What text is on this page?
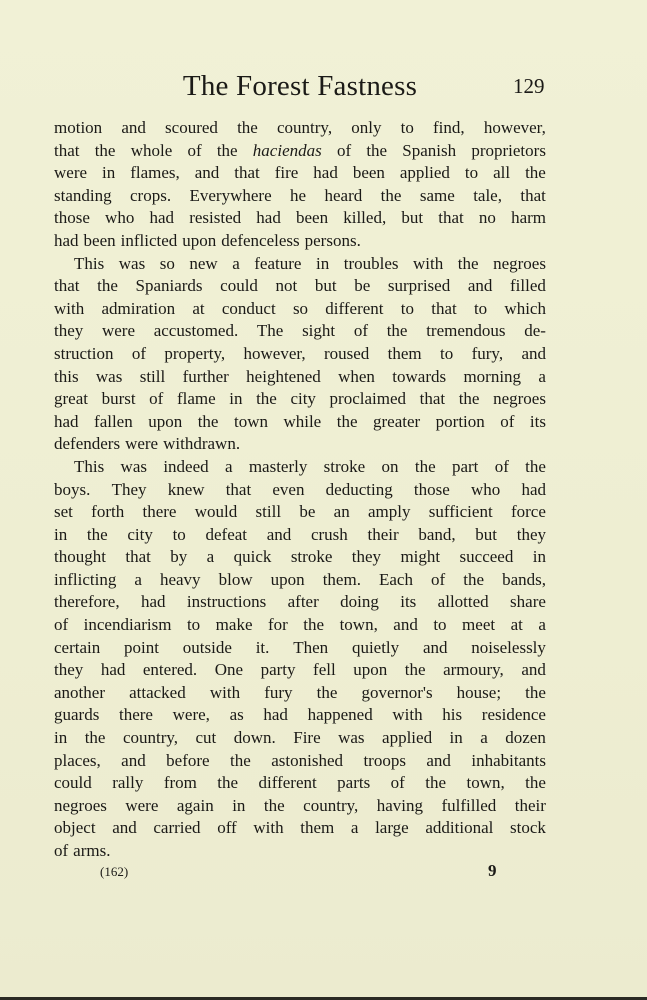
The Forest Fastness	129
motion and scoured the country, only to find, however,
that the whole of the haciendas of the Spanish proprietors
were in flames, and that fire had been applied to all the
standing crops. Everywhere he heard the same tale, that
those who had resisted had been killed, but that no harm
had been inflicted upon defenceless persons.
This was so new a feature in troubles with the negroes
that the Spaniards could not but be surprised and filled
with admiration at conduct so different to that to which
they were accustomed. The sight of the tremendous de-
struction of property, however, roused them to fury, and
this was still further heightened when towards morning a
great burst of flame in the city proclaimed that the negroes
had fallen upon the town while the greater portion of its
defenders were withdrawn.
This was indeed a masterly stroke on the part of the
boys. They knew that even deducting those who had
set forth there would still be an amply sufficient force
in the city to defeat and crush their band, but they
thought that by a quick stroke they might succeed in
inflicting a heavy blow upon them. Each of the bands,
therefore, had instructions after doing its allotted share
of incendiarism to make for the town, and to meet at a
certain point outside it. Then quietly and noiselessly
they had entered. One party fell upon the armoury, and
another attacked with fury the governor's house; the
guards there were, as had happened with his residence
in the country, cut down. Fire was applied in a dozen
places, and before the astonished troops and inhabitants
could rally from the different parts of the town, the
negroes were again in the country, having fulfilled their
object and carried off with them a large additional stock
of arms.
(162)	9
